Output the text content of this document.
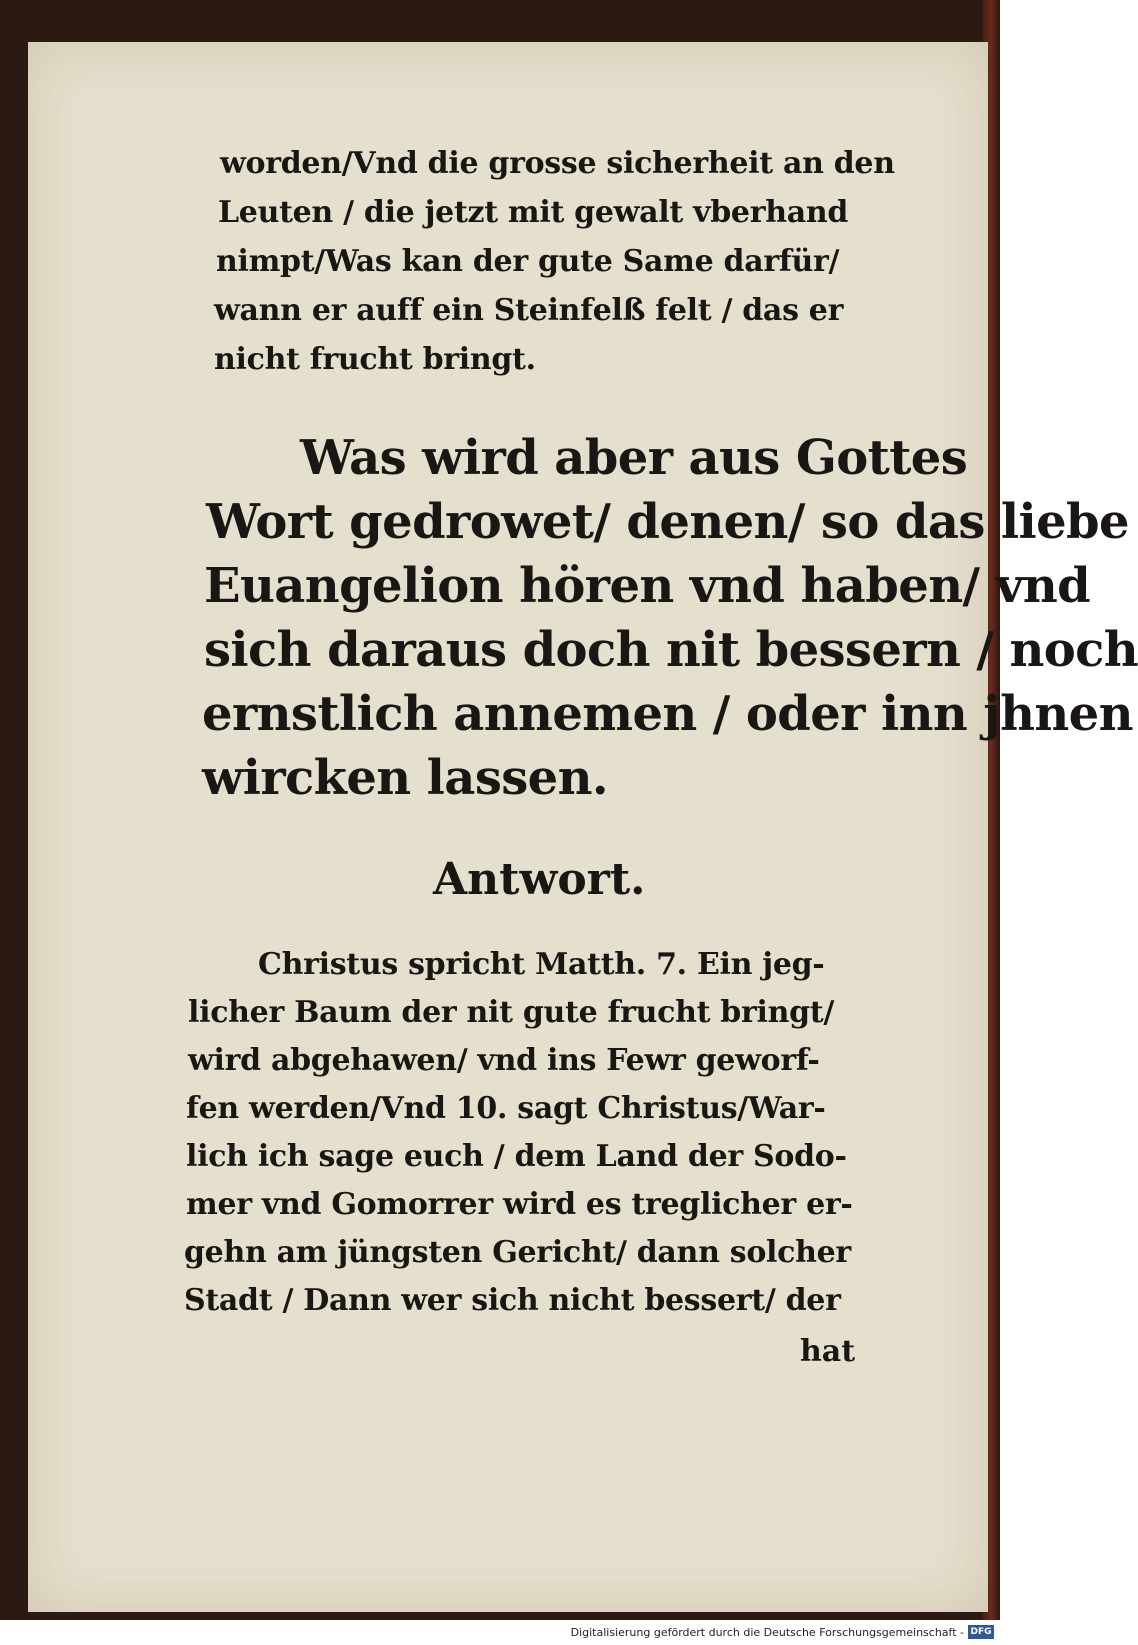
worden/Vnd die grosse sicherheit an den
Leuten / die jetzt mit gewalt vberhand
nimpt/Was kan der gute Same darfür/
wann er auff ein Steinfelß felt / das er
nicht frucht bringt.
Was wird aber aus Gottes
Wort gedrowet/ denen/ so das liebe
Euangelion hören vnd haben/ vnd
sich daraus doch nit bessern / noch
ernstlich annemen / oder inn jhnen
wircken lassen.
Antwort.
Christus spricht Matth. 7. Ein jeg-
licher Baum der nit gute frucht bringt/
wird abgehawen/ vnd ins Fewr geworf-
fen werden/Vnd 10. sagt Christus/War-
lich ich sage euch / dem Land der Sodo-
mer vnd Gomorrer wird es treglicher er-
gehn am jüngsten Gericht/ dann solcher
Stadt / Dann wer sich nicht bessert/ der
hat
Digitalisierung gefördert durch die Deutsche Forschungsgemeinschaft - DFG
